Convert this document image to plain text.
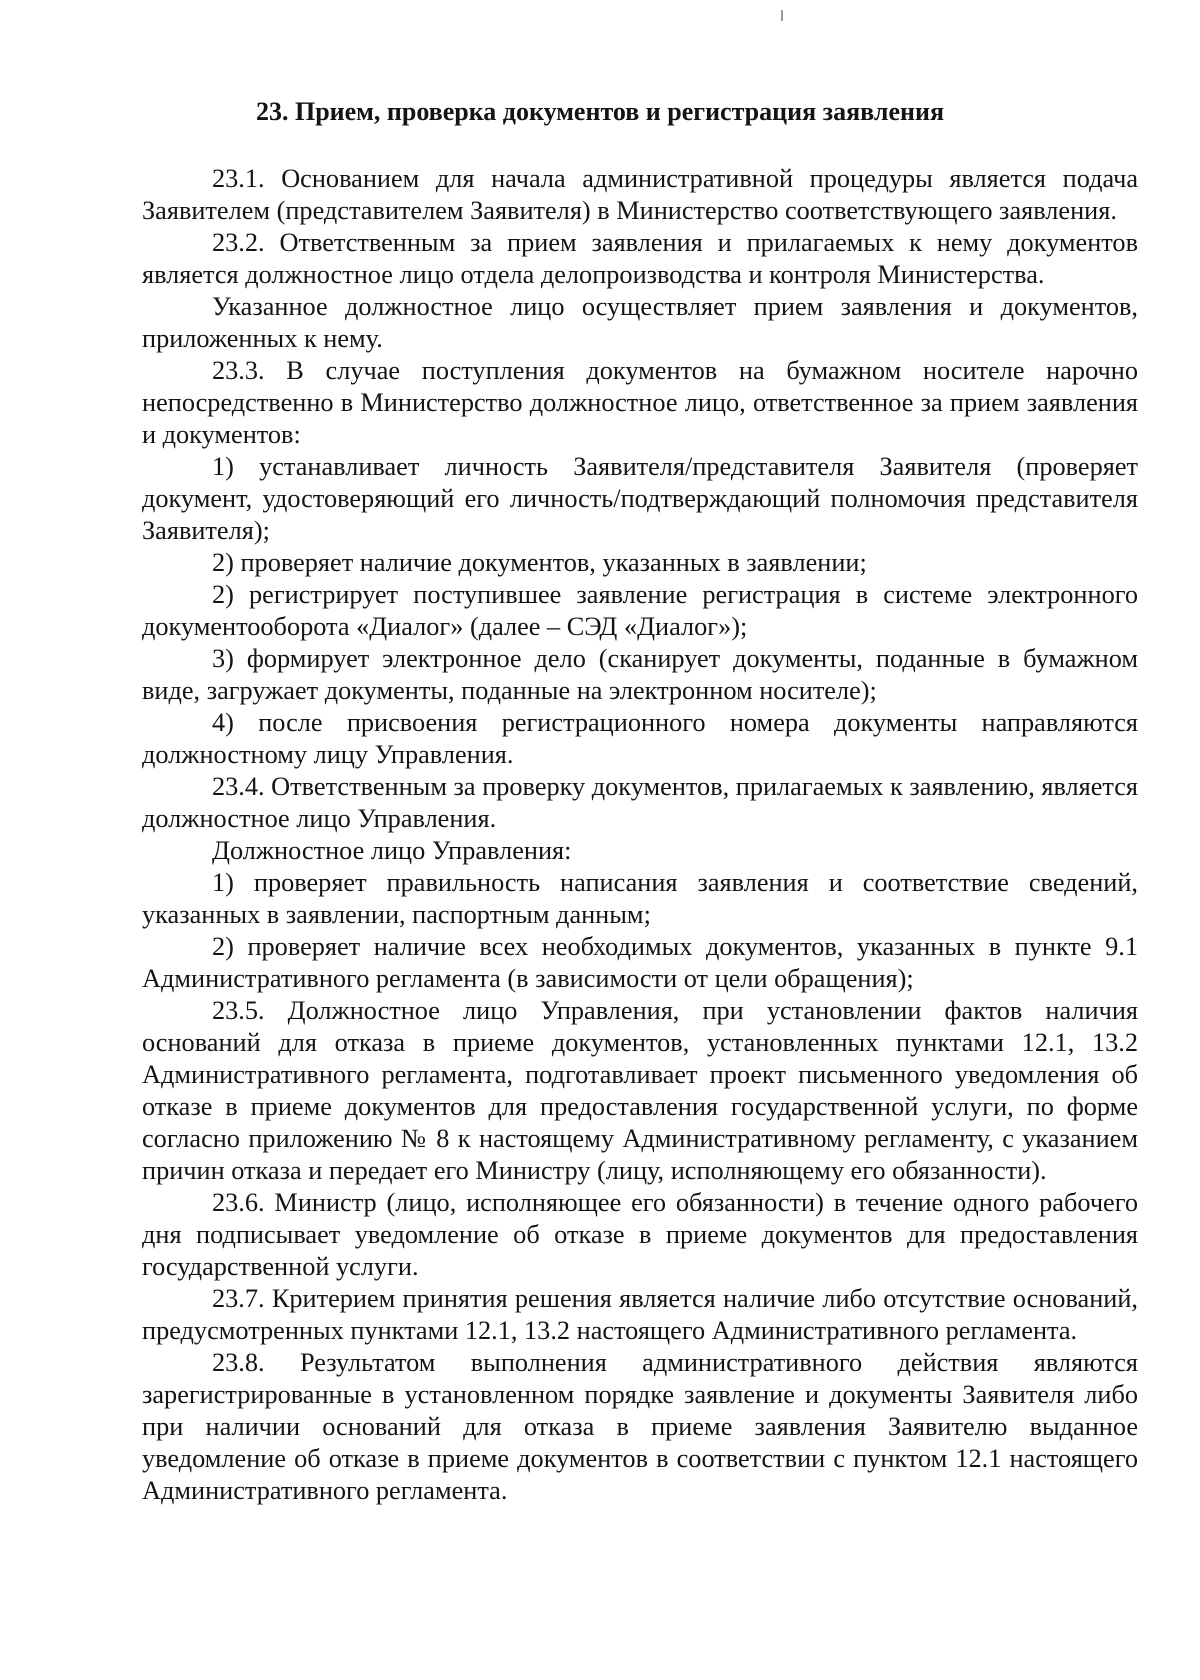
23. Прием, проверка документов и регистрация заявления

23.1. Основанием для начала административной процедуры является подача Заявителем (представителем Заявителя) в Министерство соответствующего заявления.

23.2. Ответственным за прием заявления и прилагаемых к нему документов является должностное лицо отдела делопроизводства и контроля Министерства.

Указанное должностное лицо осуществляет прием заявления и документов, приложенных к нему.

23.3. В случае поступления документов на бумажном носителе нарочно непосредственно в Министерство должностное лицо, ответственное за прием заявления и документов:

1) устанавливает личность Заявителя/представителя Заявителя (проверяет документ, удостоверяющий его личность/подтверждающий полномочия представителя Заявителя);

2) проверяет наличие документов, указанных в заявлении;

2) регистрирует поступившее заявление регистрация в системе электронного документооборота «Диалог» (далее – СЭД «Диалог»);

3) формирует электронное дело (сканирует документы, поданные в бумажном виде, загружает документы, поданные на электронном носителе);

4) после присвоения регистрационного номера документы направляются должностному лицу Управления.

23.4. Ответственным за проверку документов, прилагаемых к заявлению, является должностное лицо Управления.

Должностное лицо Управления:

1) проверяет правильность написания заявления и соответствие сведений, указанных в заявлении, паспортным данным;

2) проверяет наличие всех необходимых документов, указанных в пункте 9.1 Административного регламента (в зависимости от цели обращения);

23.5. Должностное лицо Управления, при установлении фактов наличия оснований для отказа в приеме документов, установленных пунктами 12.1, 13.2 Административного регламента, подготавливает проект письменного уведомления об отказе в приеме документов для предоставления государственной услуги, по форме согласно приложению № 8 к настоящему Административному регламенту, с указанием причин отказа и передает его Министру (лицу, исполняющему его обязанности).

23.6. Министр (лицо, исполняющее его обязанности) в течение одного рабочего дня подписывает уведомление об отказе в приеме документов для предоставления государственной услуги.

23.7. Критерием принятия решения является наличие либо отсутствие оснований, предусмотренных пунктами 12.1, 13.2 настоящего Административного регламента.

23.8. Результатом выполнения административного действия являются зарегистрированные в установленном порядке заявление и документы Заявителя либо при наличии оснований для отказа в приеме заявления Заявителю выданное уведомление об отказе в приеме документов в соответствии с пунктом 12.1 настоящего Административного регламента.
